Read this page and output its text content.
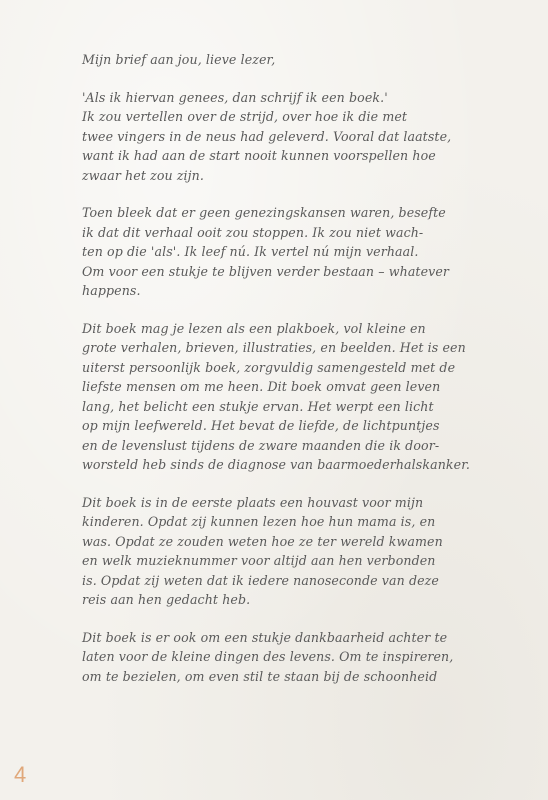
Mijn brief aan jou, lieve lezer,
'Als ik hiervan genees, dan schrijf ik een boek.'
Ik zou vertellen over de strijd, over hoe ik die met
twee vingers in de neus had geleverd. Vooral dat laatste,
want ik had aan de start nooit kunnen voorspellen hoe
zwaar het zou zijn.
Toen bleek dat er geen genezingskansen waren, besefte
ik dat dit verhaal ooit zou stoppen. Ik zou niet wach-
ten op die 'als'. Ik leef nú. Ik vertel nú mijn verhaal.
Om voor een stukje te blijven verder bestaan – whatever
happens.
Dit boek mag je lezen als een plakboek, vol kleine en
grote verhalen, brieven, illustraties, en beelden. Het is een
uiterst persoonlijk boek, zorgvuldig samengesteld met de
liefste mensen om me heen. Dit boek omvat geen leven
lang, het belicht een stukje ervan. Het werpt een licht
op mijn leefwereld. Het bevat de liefde, de lichtpuntjes
en de levenslust tijdens de zware maanden die ik door-
worsteld heb sinds de diagnose van baarmoederhalskanker.
Dit boek is in de eerste plaats een houvast voor mijn
kinderen. Opdat zij kunnen lezen hoe hun mama is, en
was. Opdat ze zouden weten hoe ze ter wereld kwamen
en welk muzieknummer voor altijd aan hen verbonden
is. Opdat zij weten dat ik iedere nanoseconde van deze
reis aan hen gedacht heb.
Dit boek is er ook om een stukje dankbaarheid achter te
laten voor de kleine dingen des levens. Om te inspireren,
om te bezielen, om even stil te staan bij de schoonheid
4
